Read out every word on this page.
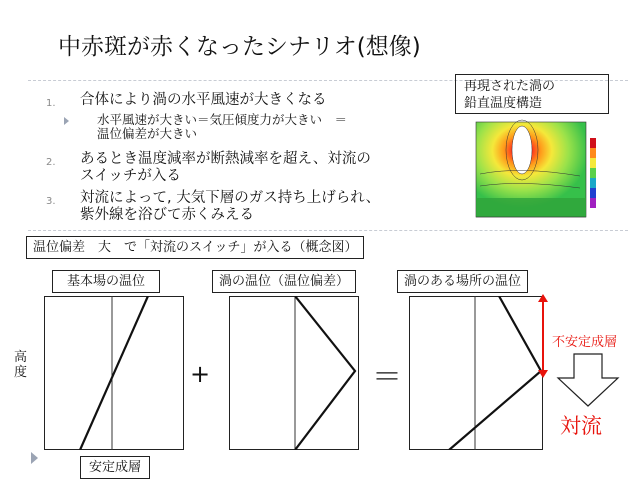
中赤斑が赤くなったシナリオ(想像)
1. 合体により渦の水平風速が大きくなる
水平風速が大きい＝気圧傾度力が大きい　＝
温位偏差が大きい
2. あるとき温度減率が断熱減率を超え、対流の
スイッチが入る
3. 対流によって, 大気下層のガス持ち上げられ、
紫外線を浴びて赤くみえる
再現された渦の
鉛直温度構造
温位偏差　大　で「対流のスイッチ」が入る（概念図）
基本場の温位	渦の温位（温位偏差）	渦のある場所の温位
高度	+	＝
不安定成層
対流
安定成層
